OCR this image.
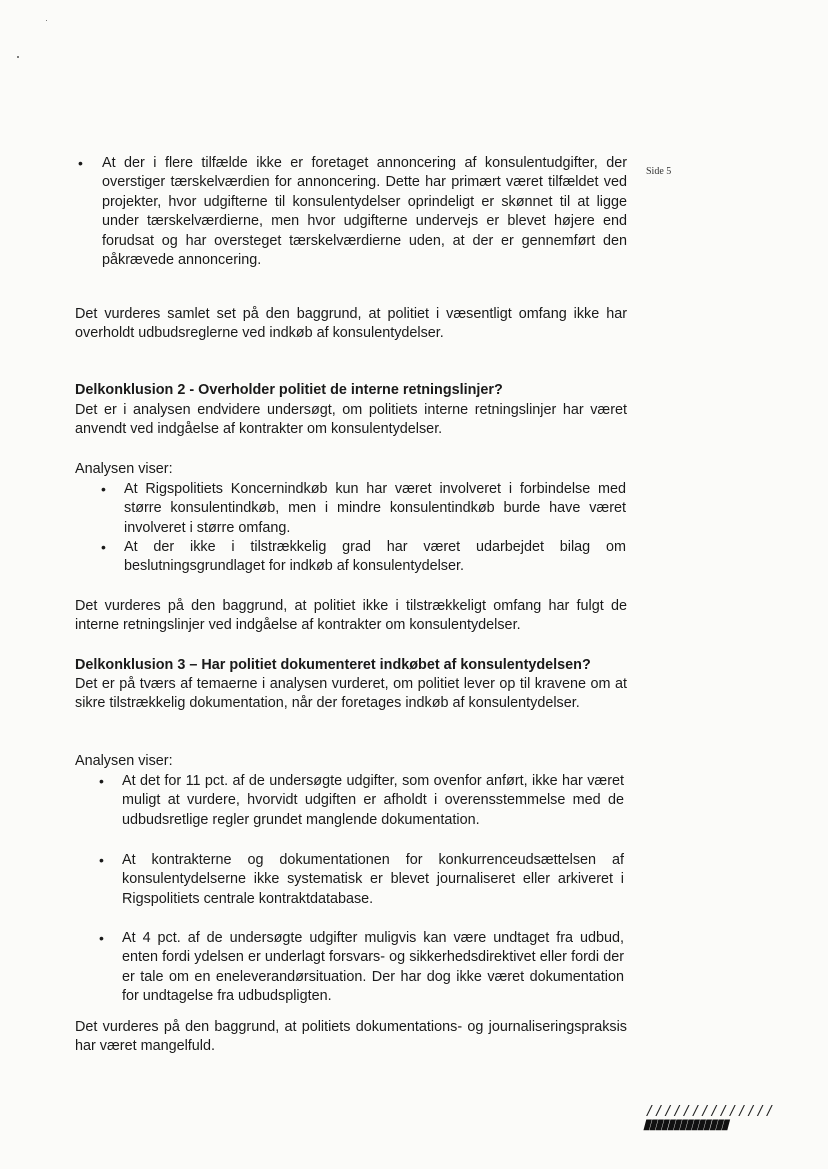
Side 5
• At der i flere tilfælde ikke er foretaget annoncering af konsulentudgifter, der overstiger tærskelværdien for annoncering. Dette har primært været tilfældet ved projekter, hvor udgifterne til konsulentydelser oprindeligt er skønnet til at ligge under tærskelværdierne, men hvor udgifterne undervejs er blevet højere end forudsat og har oversteget tærskelværdierne uden, at der er gennemført den påkrævede annoncering.

Det vurderes samlet set på den baggrund, at politiet i væsentligt omfang ikke har overholdt udbudsreglerne ved indkøb af konsulentydelser.

Delkonklusion 2 - Overholder politiet de interne retningslinjer?

Det er i analysen endvidere undersøgt, om politiets interne retningslinjer har været anvendt ved indgåelse af kontrakter om konsulentydelser.

Analysen viser:

• At Rigspolitiets Koncernindkøb kun har været involveret i forbindelse med større konsulentindkøb, men i mindre konsulentindkøb burde have været involveret i større omfang.
• At der ikke i tilstrækkelig grad har været udarbejdet bilag om beslutningsgrundlaget for indkøb af konsulentydelser.

Det vurderes på den baggrund, at politiet ikke i tilstrækkeligt omfang har fulgt de interne retningslinjer ved indgåelse af kontrakter om konsulentydelser.

Delkonklusion 3 – Har politiet dokumenteret indkøbet af konsulentydelsen?

Det er på tværs af temaerne i analysen vurderet, om politiet lever op til kravene om at sikre tilstrækkelig dokumentation, når der foretages indkøb af konsulentydelser.

Analysen viser:

• At det for 11 pct. af de undersøgte udgifter, som ovenfor anført, ikke har været muligt at vurdere, hvorvidt udgiften er afholdt i overensstemmelse med de udbudsretlige regler grundet manglende dokumentation.
• At kontrakterne og dokumentationen for konkurrenceudsættelsen af konsulentydelserne ikke systematisk er blevet journaliseret eller arkiveret i Rigspolitiets centrale kontraktdatabase.
• At 4 pct. af de undersøgte udgifter muligvis kan være undtaget fra udbud, enten fordi ydelsen er underlagt forsvars- og sikkerhedsdirektivet eller fordi der er tale om en eneleverandørsituation. Der har dog ikke været dokumentation for undtagelse fra udbudspligten.

Det vurderes på den baggrund, at politiets dokumentations- og journaliseringspraksis har været mangelfuld.

//////////////
██████████████
